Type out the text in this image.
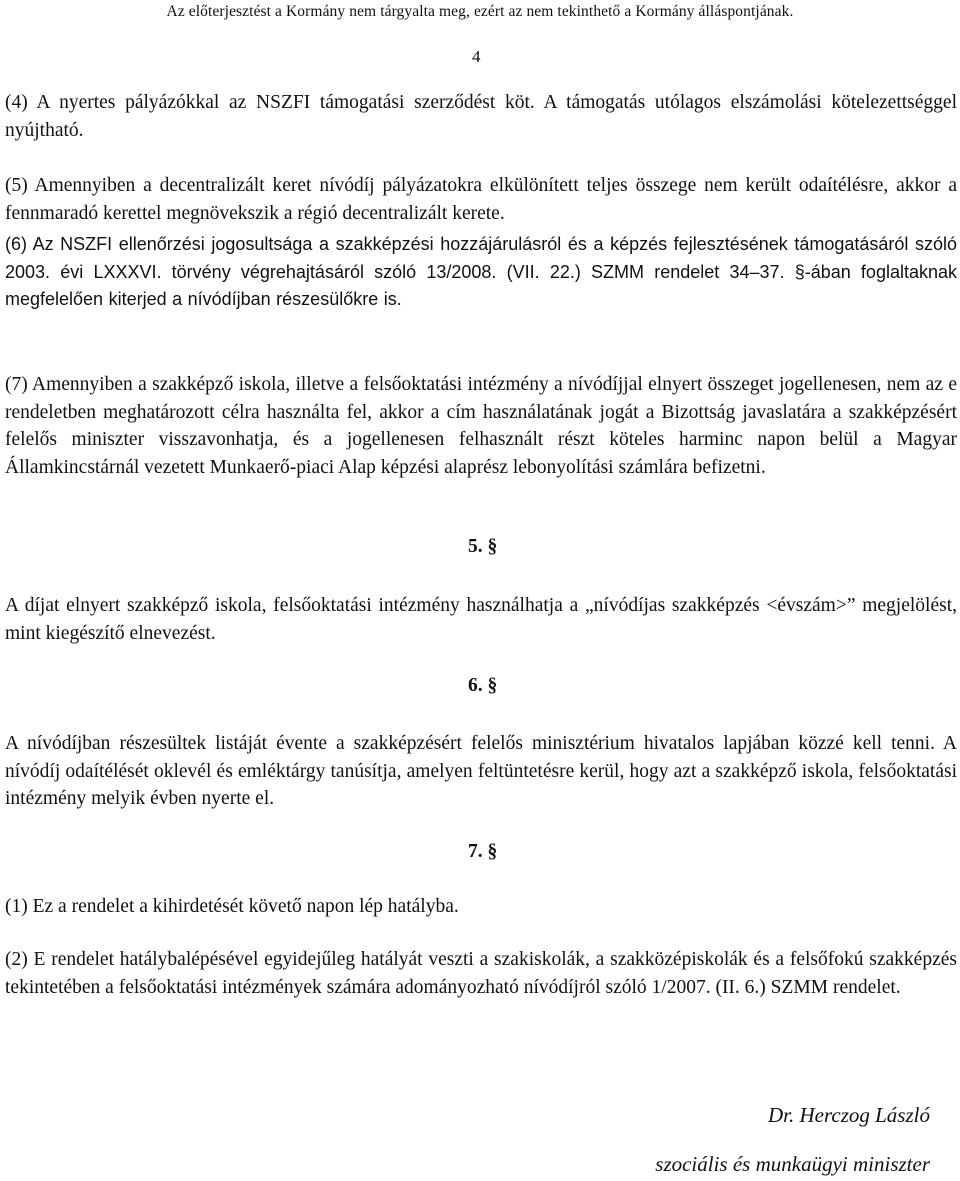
Az előterjesztést a Kormány nem tárgyalta meg, ezért az nem tekinthető a Kormány álláspontjának.
4

(4) A nyertes pályázókkal az NSZFI támogatási szerződést köt. A támogatás utólagos elszámolási kötelezettséggel nyújtható.

(5) Amennyiben a decentralizált keret nívódíj pályázatokra elkülönített teljes összege nem került odaítélésre, akkor a fennmaradó kerettel megnövekszik a régió decentralizált kerete.

(6) Az NSZFI ellenőrzési jogosultsága a szakképzési hozzájárulásról és a képzés fejlesztésének támogatásáról szóló 2003. évi LXXXVI. törvény végrehajtásáról szóló 13/2008. (VII. 22.) SZMM rendelet 34‒37. §-ában foglaltaknak megfelelően kiterjed a nívódíjban részesülőkre is.

(7) Amennyiben a szakképző iskola, illetve a felsőoktatási intézmény a nívódíjjal elnyert összeget jogellenesen, nem az e rendeletben meghatározott célra használta fel, akkor a cím használatának jogát a Bizottság javaslatára a szakképzésért felelős miniszter visszavonhatja, és a jogellenesen felhasznált részt köteles harminc napon belül a Magyar Államkincstárnál vezetett Munkaerő-piaci Alap képzési alaprész lebonyolítási számlára befizetni.

5. §

A díjat elnyert szakképző iskola, felsőoktatási intézmény használhatja a „nívódíjas szakképzés <évszám>” megjelölést, mint kiegészítő elnevezést.

6. §

A nívódíjban részesültek listáját évente a szakképzésért felelős minisztérium hivatalos lapjában közzé kell tenni. A nívódíj odaítélését oklevél és emléktárgy tanúsítja, amelyen feltüntetésre kerül, hogy azt a szakképző iskola, felsőoktatási intézmény melyik évben nyerte el.

7. §

(1) Ez a rendelet a kihirdetését követő napon lép hatályba.

(2) E rendelet hatálybalépésével egyidejűleg hatályát veszti a szakiskolák, a szakközépiskolák és a felsőfokú szakképzés tekintetében a felsőoktatási intézmények számára adományozható nívódíjról szóló 1/2007. (II. 6.) SZMM rendelet.

Dr. Herczog László
szociális és munkaügyi miniszter
